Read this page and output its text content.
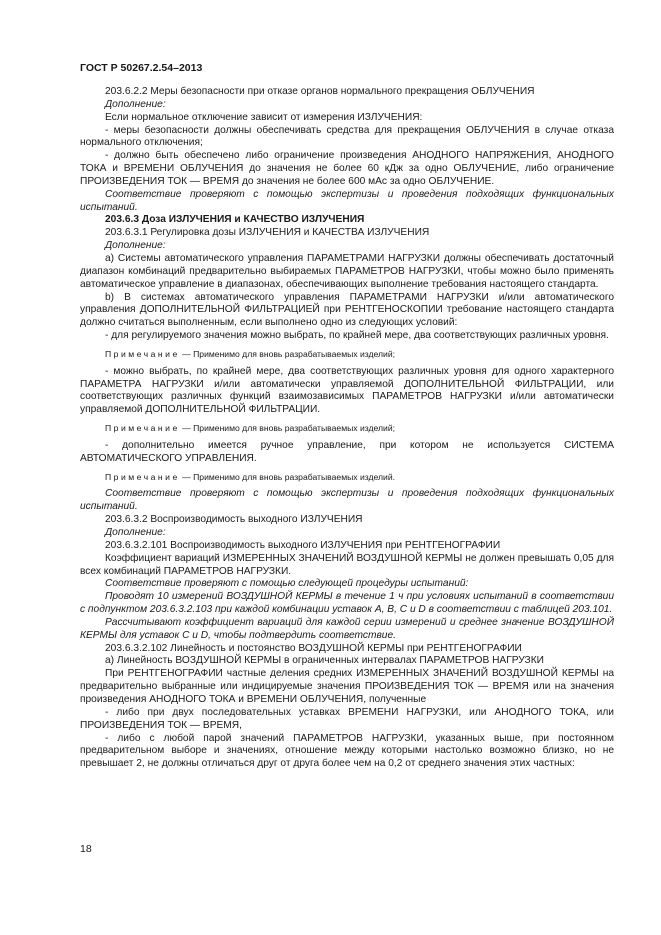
ГОСТ Р 50267.2.54–2013

203.6.2.2 Меры безопасности при отказе органов нормального прекращения ОБЛУЧЕНИЯ

Дополнение:

Если нормальное отключение зависит от измерения ИЗЛУЧЕНИЯ:

- меры безопасности должны обеспечивать средства для прекращения ОБЛУЧЕНИЯ в случае отказа нормального отключения;

- должно быть обеспечено либо ограничение произведения АНОДНОГО НАПРЯЖЕНИЯ, АНОДНОГО ТОКА и ВРЕМЕНИ ОБЛУЧЕНИЯ до значения не более 60 кДж за одно ОБЛУЧЕНИЕ, либо ограничение ПРОИЗВЕДЕНИЯ ТОК — ВРЕМЯ до значения не более 600 мАс за одно ОБЛУЧЕНИЕ.

Соответствие проверяют с помощью экспертизы и проведения подходящих функциональных испытаний.

203.6.3 Доза ИЗЛУЧЕНИЯ и КАЧЕСТВО ИЗЛУЧЕНИЯ

203.6.3.1 Регулировка дозы ИЗЛУЧЕНИЯ и КАЧЕСТВА ИЗЛУЧЕНИЯ

Дополнение:

a) Системы автоматического управления ПАРАМЕТРАМИ НАГРУЗКИ должны обеспечивать достаточный диапазон комбинаций предварительно выбираемых ПАРАМЕТРОВ НАГРУЗКИ, чтобы можно было применять автоматическое управление в диапазонах, обеспечивающих выполнение требования настоящего стандарта.

b) В системах автоматического управления ПАРАМЕТРАМИ НАГРУЗКИ и/или автоматического управления ДОПОЛНИТЕЛЬНОЙ ФИЛЬТРАЦИЕЙ при РЕНТГЕНОСКОПИИ требование настоящего стандарта должно считаться выполненным, если выполнено одно из следующих условий:

- для регулируемого значения можно выбрать, по крайней мере, два соответствующих различных уровня.

Примечание — Применимо для вновь разрабатываемых изделий;

- можно выбрать, по крайней мере, два соответствующих различных уровня для одного характерного ПАРАМЕТРА НАГРУЗКИ и/или автоматически управляемой ДОПОЛНИТЕЛЬНОЙ ФИЛЬТРАЦИИ, или соответствующих различных функций взаимозависимых ПАРАМЕТРОВ НАГРУЗКИ и/или автоматически управляемой ДОПОЛНИТЕЛЬНОЙ ФИЛЬТРАЦИИ.

Примечание — Применимо для вновь разрабатываемых изделий;

- дополнительно имеется ручное управление, при котором не используется СИСТЕМА АВТОМАТИЧЕСКОГО УПРАВЛЕНИЯ.

Примечание — Применимо для вновь разрабатываемых изделий.

Соответствие проверяют с помощью экспертизы и проведения подходящих функциональных испытаний.

203.6.3.2 Воспроизводимость выходного ИЗЛУЧЕНИЯ

Дополнение:

203.6.3.2.101 Воспроизводимость выходного ИЗЛУЧЕНИЯ при РЕНТГЕНОГРАФИИ

Коэффициент вариаций ИЗМЕРЕННЫХ ЗНАЧЕНИЙ ВОЗДУШНОЙ КЕРМЫ не должен превышать 0,05 для всех комбинаций ПАРАМЕТРОВ НАГРУЗКИ.

Соответствие проверяют с помощью следующей процедуры испытаний:

Проводят 10 измерений ВОЗДУШНОЙ КЕРМЫ в течение 1 ч при условиях испытаний в соответствии с подпунктом 203.6.3.2.103 при каждой комбинации уставок A, B, C и D в соответствии с таблицей 203.101.

Рассчитывают коэффициент вариаций для каждой серии измерений и среднее значение ВОЗДУШНОЙ КЕРМЫ для уставок C и D, чтобы подтвердить соответствие.

203.6.3.2.102 Линейность и постоянство ВОЗДУШНОЙ КЕРМЫ при РЕНТГЕНОГРАФИИ

a) Линейность ВОЗДУШНОЙ КЕРМЫ в ограниченных интервалах ПАРАМЕТРОВ НАГРУЗКИ

При РЕНТГЕНОГРАФИИ частные деления средних ИЗМЕРЕННЫХ ЗНАЧЕНИЙ ВОЗДУШНОЙ КЕРМЫ на предварительно выбранные или индицируемые значения ПРОИЗВЕДЕНИЯ ТОК — ВРЕМЯ или на значения произведения АНОДНОГО ТОКА и ВРЕМЕНИ ОБЛУЧЕНИЯ, полученные

- либо при двух последовательных уставках ВРЕМЕНИ НАГРУЗКИ, или АНОДНОГО ТОКА, или ПРОИЗВЕДЕНИЯ ТОК — ВРЕМЯ,

- либо с любой парой значений ПАРАМЕТРОВ НАГРУЗКИ, указанных выше, при постоянном предварительном выборе и значениях, отношение между которыми настолько возможно близко, но не превышает 2, не должны отличаться друг от друга более чем на 0,2 от среднего значения этих частных:

18
